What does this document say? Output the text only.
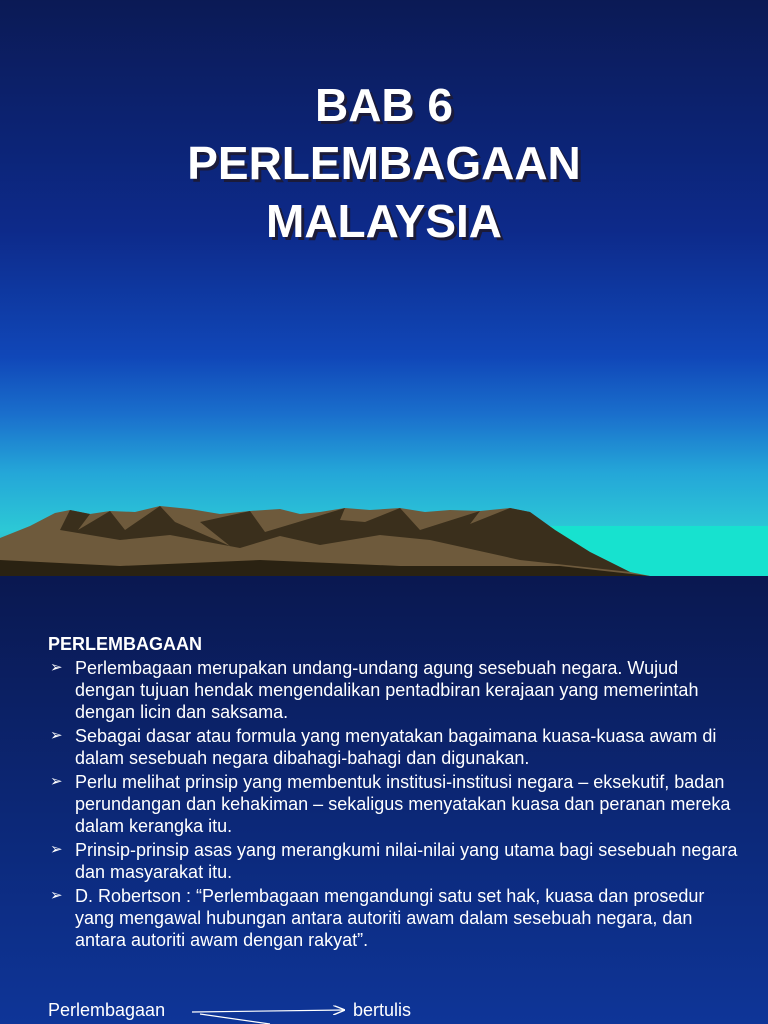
BAB 6
PERLEMBAGAAN
MALAYSIA
PERLEMBAGAAN
➢ Perlembagaan merupakan undang-undang agung sesebuah negara. Wujud dengan tujuan hendak mengendalikan pentadbiran kerajaan yang memerintah dengan licin dan saksama.
➢ Sebagai dasar atau formula yang menyatakan bagaimana kuasa-kuasa awam di dalam sesebuah negara dibahagi-bahagi dan digunakan.
➢ Perlu melihat prinsip yang membentuk institusi-institusi negara – eksekutif, badan perundangan dan kehakiman – sekaligus menyatakan kuasa dan peranan mereka dalam kerangka itu.
➢ Prinsip-prinsip asas yang merangkumi nilai-nilai yang utama bagi sesebuah negara dan masyarakat itu.
➢ D. Robertson : “Perlembagaan mengandungi satu set hak, kuasa dan prosedur yang mengawal hubungan antara autoriti awam dalam sesebuah negara, dan antara autoriti awam dengan rakyat”.
Perlembagaan	bertulis
